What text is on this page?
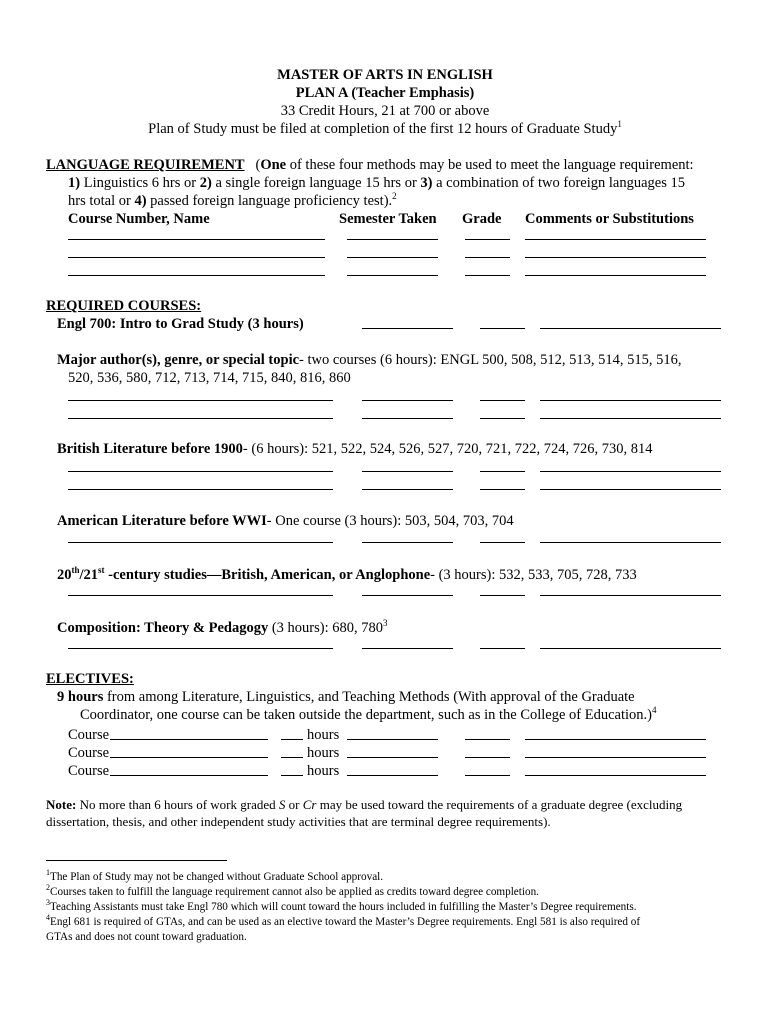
MASTER OF ARTS IN ENGLISH
PLAN A (Teacher Emphasis)
33 Credit Hours, 21 at 700 or above
Plan of Study must be filed at completion of the first 12 hours of Graduate Study$^1$
LANGUAGE REQUIREMENT (One of these four methods may be used to meet the language requirement:
1) Linguistics 6 hrs or 2) a single foreign language 15 hrs or 3) a combination of two foreign languages 15
hrs total or 4) passed foreign language proficiency test).$^2$
Course Number, Name	Semester Taken Grade Comments or Substitutions
REQUIRED COURSES:
Engl 700: Intro to Grad Study (3 hours)
Major author(s), genre, or special topic- two courses (6 hours): ENGL 500, 508, 512, 513, 514, 515, 516,
520, 536, 580, 712, 713, 714, 715, 840, 816, 860
British Literature before 1900- (6 hours): 521, 522, 524, 526, 527, 720, 721, 722, 724, 726, 730, 814
American Literature before WWI- One course (3 hours): 503, 504, 703, 704
20th/21st -century studies—British, American, or Anglophone- (3 hours): 532, 533, 705, 728, 733
Composition: Theory & Pedagogy (3 hours): 680, $780^3$
ELECTIVES:
9 hours from among Literature, Linguistics, and Teaching Methods (With approval of the Graduate
Coordinator, one course can be taken outside the department, such as in the College of Education.)$^4$
Course	hours
Course	hours
Course	hours
Note: No more than 6 hours of work graded S or Cr may be used toward the requirements of a graduate degree (excluding
dissertation, thesis, and other independent study activities that are terminal degree requirements).
$^1$The Plan of Study may not be changed without Graduate School approval.
$^2$Courses taken to fulfill the language requirement cannot also be applied as credits toward degree completion.
$^3$Teaching Assistants must take Engl 780 which will count toward the hours included in fulfilling the Master’s Degree requirements.
$^4$Engl 681 is required of GTAs, and can be used as an elective toward the Master’s Degree requirements. Engl 581 is also required of
GTAs and does not count toward graduation.
